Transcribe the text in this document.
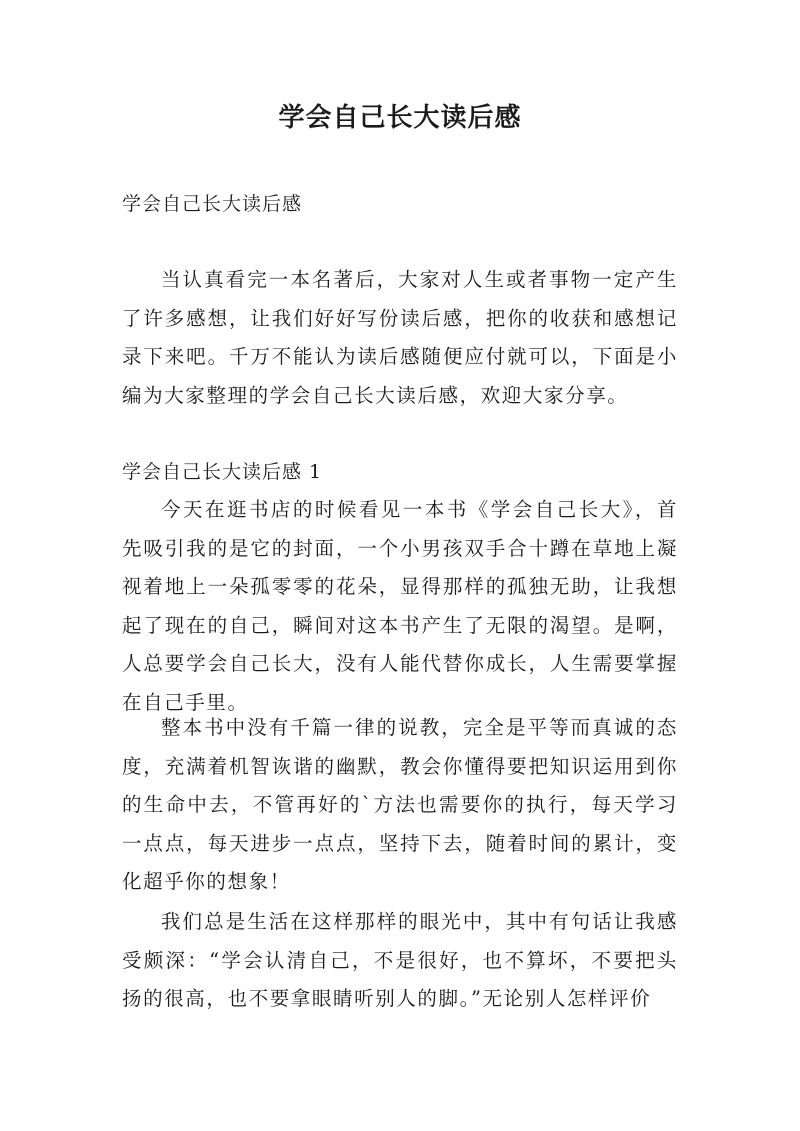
学会自己长大读后感
学会自己长大读后感

当认真看完一本名著后，大家对人生或者事物一定产生了许多感想，让我们好好写份读后感，把你的收获和感想记录下来吧。千万不能认为读后感随便应付就可以，下面是小编为大家整理的学会自己长大读后感，欢迎大家分享。

学会自己长大读后感 1

今天在逛书店的时候看见一本书《学会自己长大》，首先吸引我的是它的封面，一个小男孩双手合十蹲在草地上凝视着地上一朵孤零零的花朵，显得那样的孤独无助，让我想起了现在的自己，瞬间对这本书产生了无限的渴望。是啊，人总要学会自己长大，没有人能代替你成长，人生需要掌握在自己手里。

整本书中没有千篇一律的说教，完全是平等而真诚的态度，充满着机智诙谐的幽默，教会你懂得要把知识运用到你的生命中去，不管再好的`方法也需要你的执行，每天学习一点点，每天进步一点点，坚持下去，随着时间的累计，变化超乎你的想象！

我们总是生活在这样那样的眼光中，其中有句话让我感受颇深：“学会认清自己，不是很好，也不算坏，不要把头扬的很高，也不要拿眼睛听别人的脚。”无论别人怎样评价
